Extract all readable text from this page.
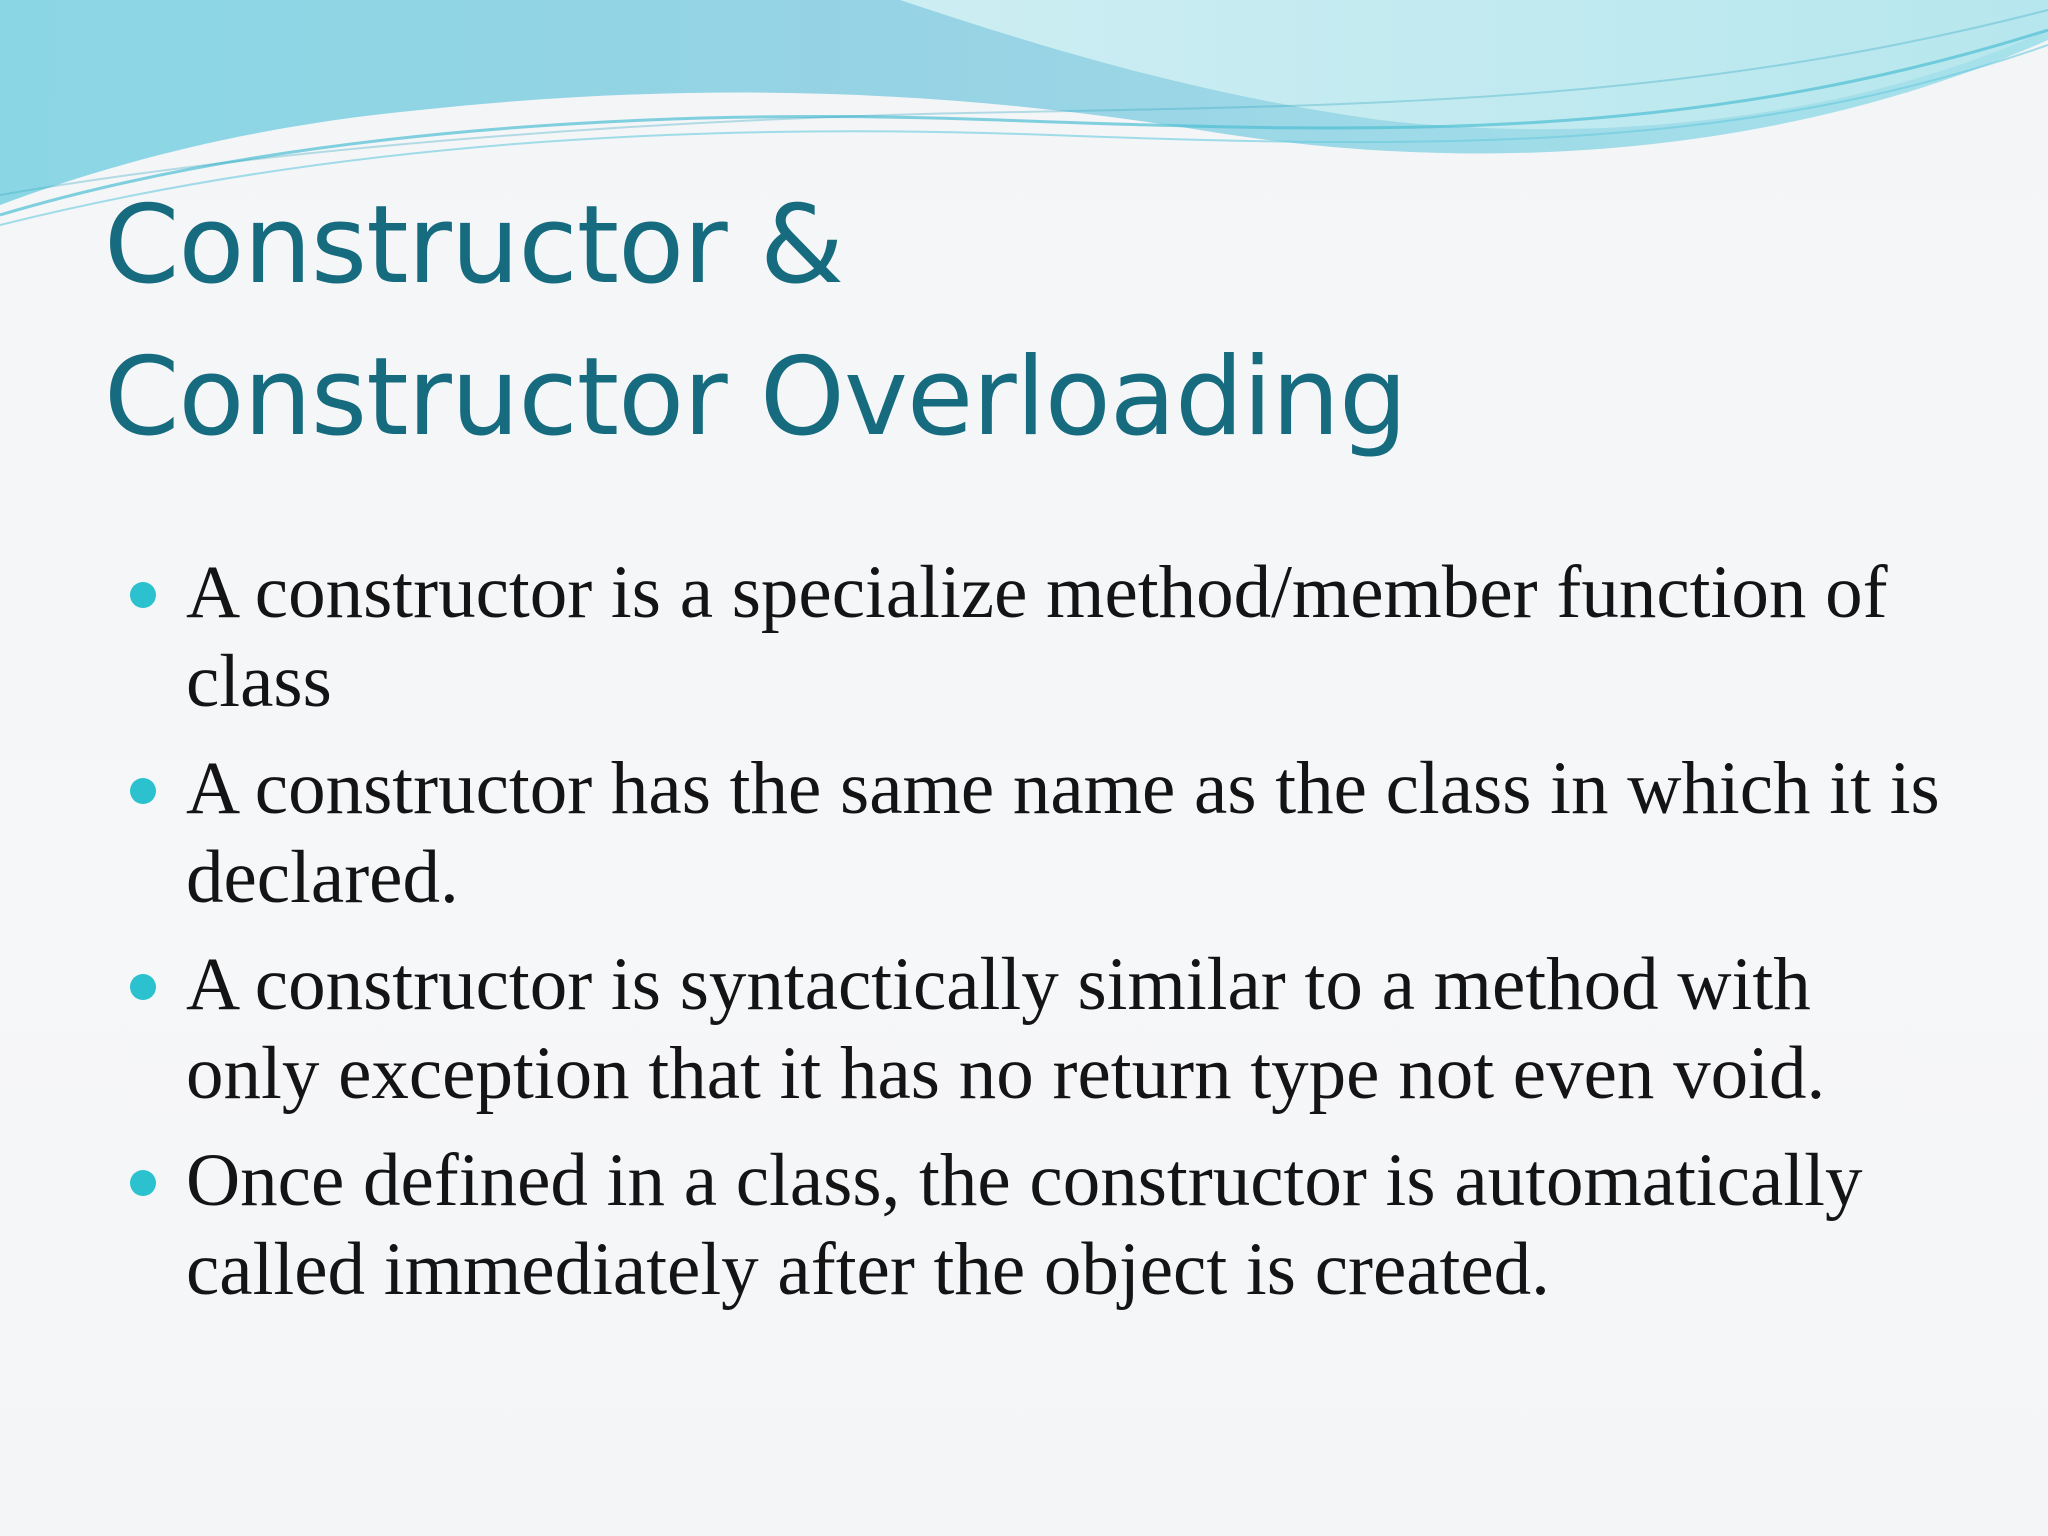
Constructor &
Constructor Overloading
A constructor is a specialize method/member function of class
A constructor has the same name as the class in which it is declared.
A constructor is syntactically similar to a method with only exception that it has no return type not even void.
Once defined in a class, the constructor is automatically called immediately after the object is created.
